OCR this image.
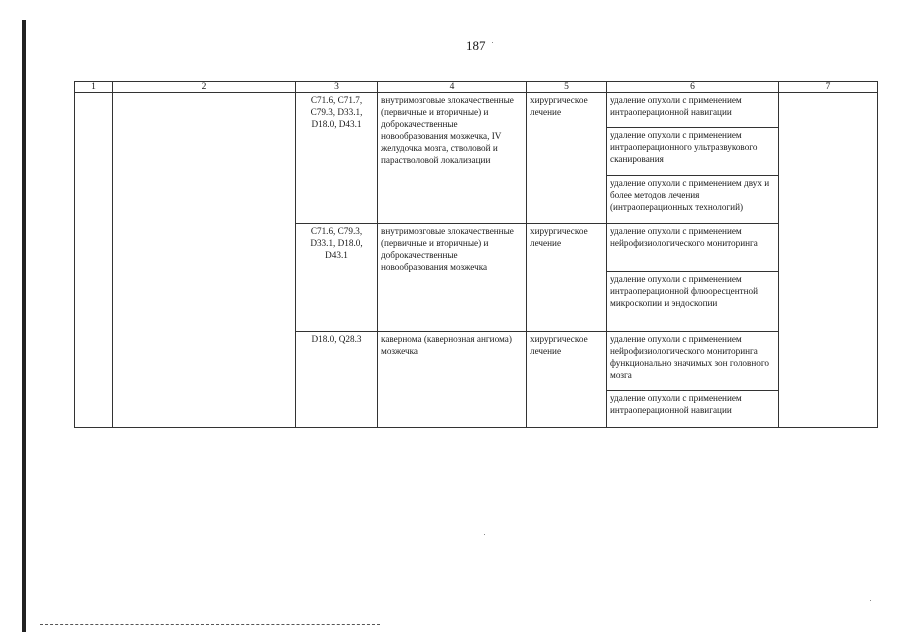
187
1	2	3	4	5	6	7
		C71.6, C71.7, C79.3, D33.1, D18.0, D43.1	внутримозговые злокачественные (первичные и вторичные) и доброкачественные новообразования мозжечка, IV желудочка мозга, стволовой и парастволовой локализации	хирургическое лечение	удаление опухоли с применением интраоперационной навигации	
					удаление опухоли с применением интраоперационного ультразвукового сканирования	
					удаление опухоли с применением двух и более методов лечения (интраоперационных технологий)	
		C71.6, C79.3, D33.1, D18.0, D43.1	внутримозговые злокачественные (первичные и вторичные) и доброкачественные новообразования мозжечка	хирургическое лечение	удаление опухоли с применением нейрофизиологического мониторинга	
					удаление опухоли с применением интраоперационной флюоресцентной микроскопии и эндоскопии	
		D18.0, Q28.3	кавернома (кавернозная ангиома) мозжечка	хирургическое лечение	удаление опухоли с применением нейрофизиологического мониторинга функционально значимых зон головного мозга	
					удаление опухоли с применением интраоперационной навигации	
